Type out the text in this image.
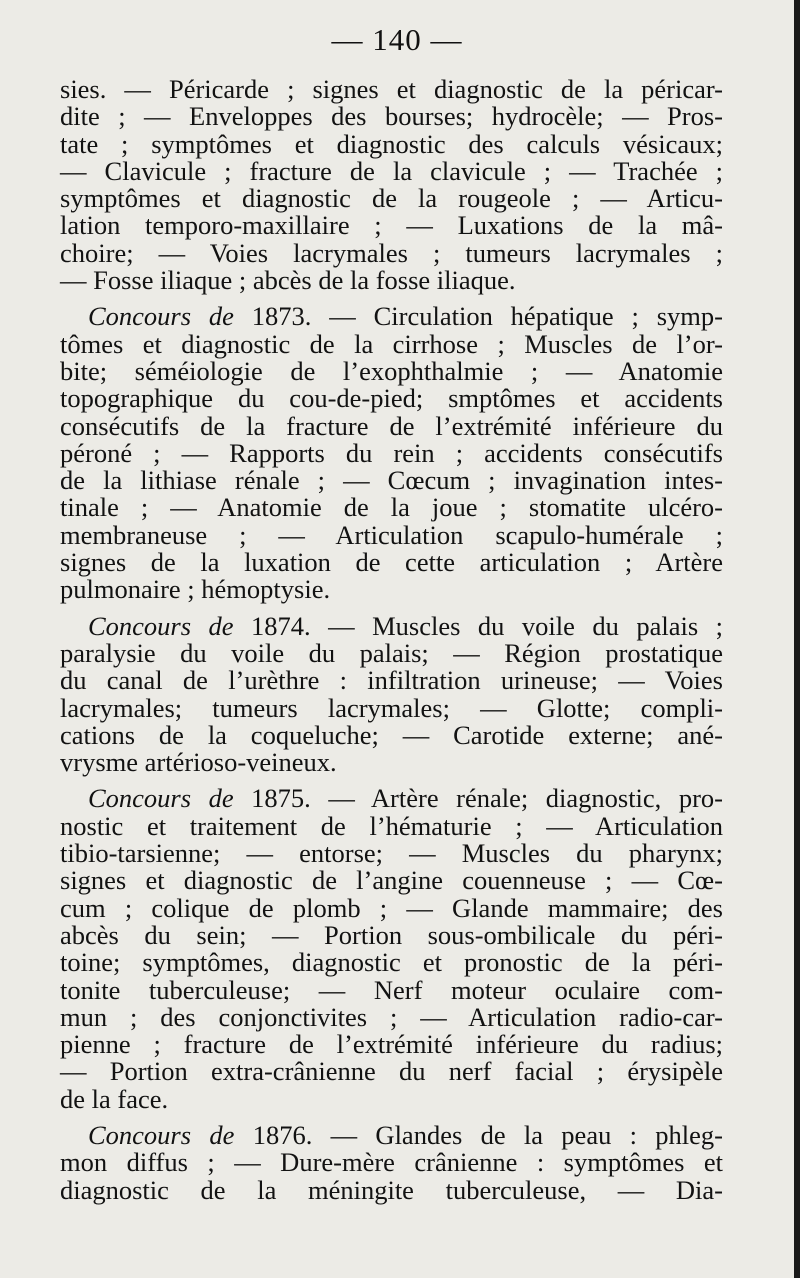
— 140 —
sies. — Péricarde ; signes et diagnostic de la péricar-
dite ; — Enveloppes des bourses; hydrocèle; — Pros-
tate ; symptômes et diagnostic des calculs vésicaux;
— Clavicule ; fracture de la clavicule ; — Trachée ;
symptômes et diagnostic de la rougeole ; — Articu-
lation temporo-maxillaire ; — Luxations de la mâ-
choire; — Voies lacrymales ; tumeurs lacrymales ;
— Fosse iliaque ; abcès de la fosse iliaque.
Concours de 1873. — Circulation hépatique ; symp-
tômes et diagnostic de la cirrhose ; Muscles de l’or-
bite; séméiologie de l’exophthalmie ; — Anatomie
topographique du cou-de-pied; smptômes et accidents
consécutifs de la fracture de l’extrémité inférieure du
péroné ; — Rapports du rein ; accidents consécutifs
de la lithiase rénale ; — Cœcum ; invagination intes-
tinale ; — Anatomie de la joue ; stomatite ulcéro-
membraneuse ; — Articulation scapulo-humérale ;
signes de la luxation de cette articulation ; Artère
pulmonaire ; hémoptysie.
Concours de 1874. — Muscles du voile du palais ;
paralysie du voile du palais; — Région prostatique
du canal de l’urèthre : infiltration urineuse; — Voies
lacrymales; tumeurs lacrymales; — Glotte; compli-
cations de la coqueluche; — Carotide externe; ané-
vrysme artérioso-veineux.
Concours de 1875. — Artère rénale; diagnostic, pro-
nostic et traitement de l’hématurie ; — Articulation
tibio-tarsienne; — entorse; — Muscles du pharynx;
signes et diagnostic de l’angine couenneuse ; — Cœ-
cum ; colique de plomb ; — Glande mammaire; des
abcès du sein; — Portion sous-ombilicale du péri-
toine; symptômes, diagnostic et pronostic de la péri-
tonite tuberculeuse; — Nerf moteur oculaire com-
mun ; des conjonctivites ; — Articulation radio-car-
pienne ; fracture de l’extrémité inférieure du radius;
— Portion extra-crânienne du nerf facial ; érysipèle
de la face.
Concours de 1876. — Glandes de la peau : phleg-
mon diffus ; — Dure-mère crânienne : symptômes et
diagnostic de la méningite tuberculeuse, — Dia-
